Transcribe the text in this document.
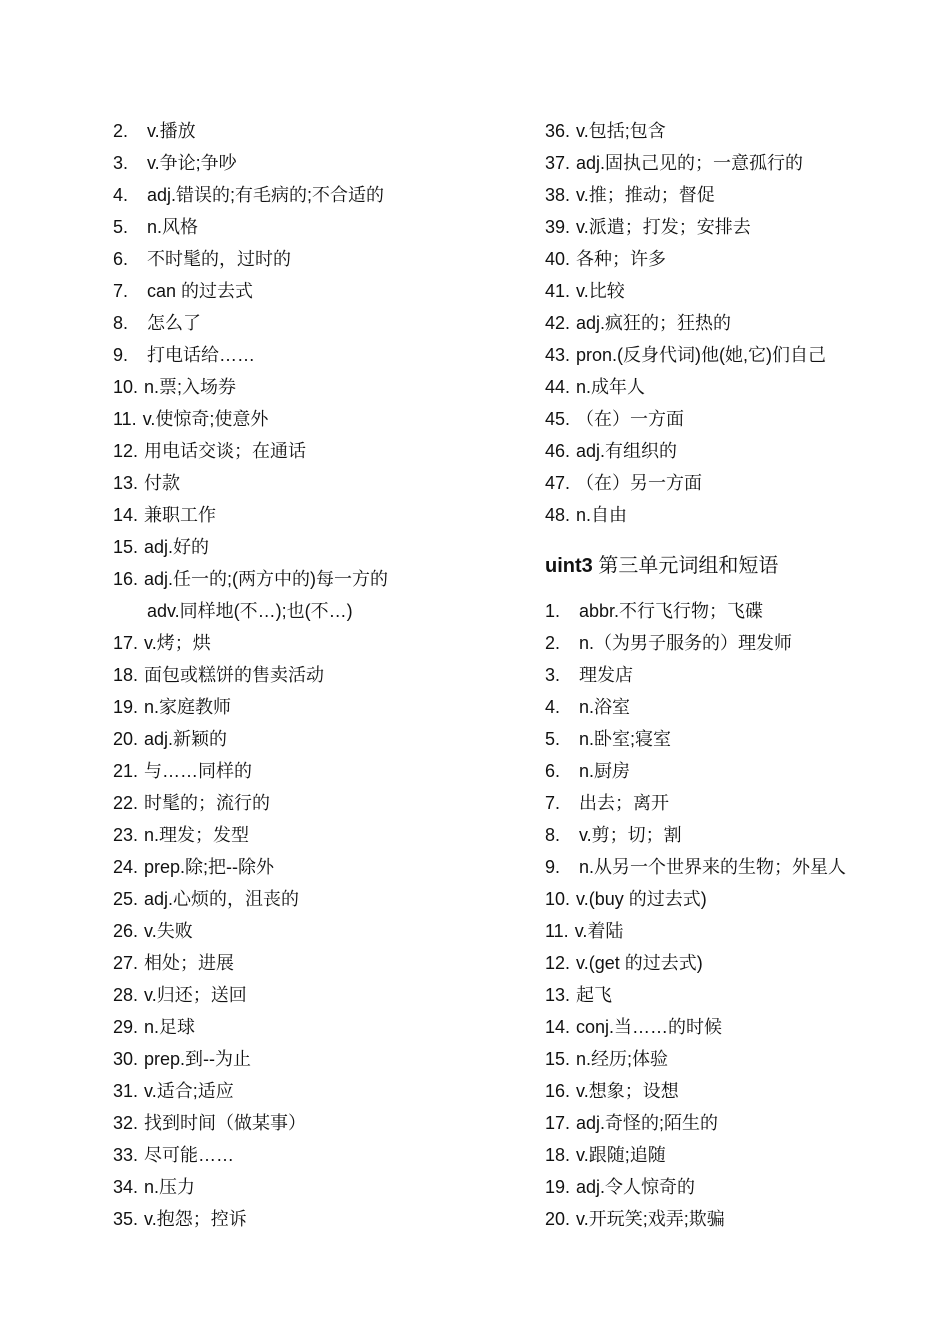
2.	v.播放
3.	v.争论;争吵
4.	adj.错误的;有毛病的;不合适的
5.	n.风格
6.	不时髦的，过时的
7.	can 的过去式
8.	怎么了
9.	打电话给……
10. n.票;入场券
11. v.使惊奇;使意外
12. 用电话交谈；在通话
13. 付款
14. 兼职工作
15. adj.好的
16. adj.任一的;(两方中的)每一方的
adv.同样地(不…);也(不…)
17. v.烤；烘
18. 面包或糕饼的售卖活动
19. n.家庭教师
20. adj.新颖的
21. 与……同样的
22. 时髦的；流行的
23. n.理发；发型
24. prep.除;把--除外
25. adj.心烦的，沮丧的
26. v.失败
27. 相处；进展
28. v.归还；送回
29. n.足球
30. prep.到--为止
31. v.适合;适应
32. 找到时间（做某事）
33. 尽可能……
34. n.压力
35. v.抱怨；控诉
36. v.包括;包含
37. adj.固执己见的；一意孤行的
38. v.推；推动；督促
39. v.派遣；打发；安排去
40. 各种；许多
41. v.比较
42. adj.疯狂的；狂热的
43. pron.(反身代词)他(她,它)们自己
44. n.成年人
45. （在）一方面
46. adj.有组织的
47. （在）另一方面
48. n.自由
uint3 第三单元词组和短语
1.	abbr.不行飞行物；飞碟
2.	n.（为男子服务的）理发师
3.	理发店
4.	n.浴室
5.	n.卧室;寝室
6.	n.厨房
7.	出去；离开
8.	v.剪；切；割
9.	n.从另一个世界来的生物；外星人
10. v.(buy 的过去式)
11. v.着陆
12. v.(get 的过去式)
13. 起飞
14. conj.当……的时候
15. n.经历;体验
16. v.想象；设想
17. adj.奇怪的;陌生的
18. v.跟随;追随
19. adj.令人惊奇的
20. v.开玩笑;戏弄;欺骗
